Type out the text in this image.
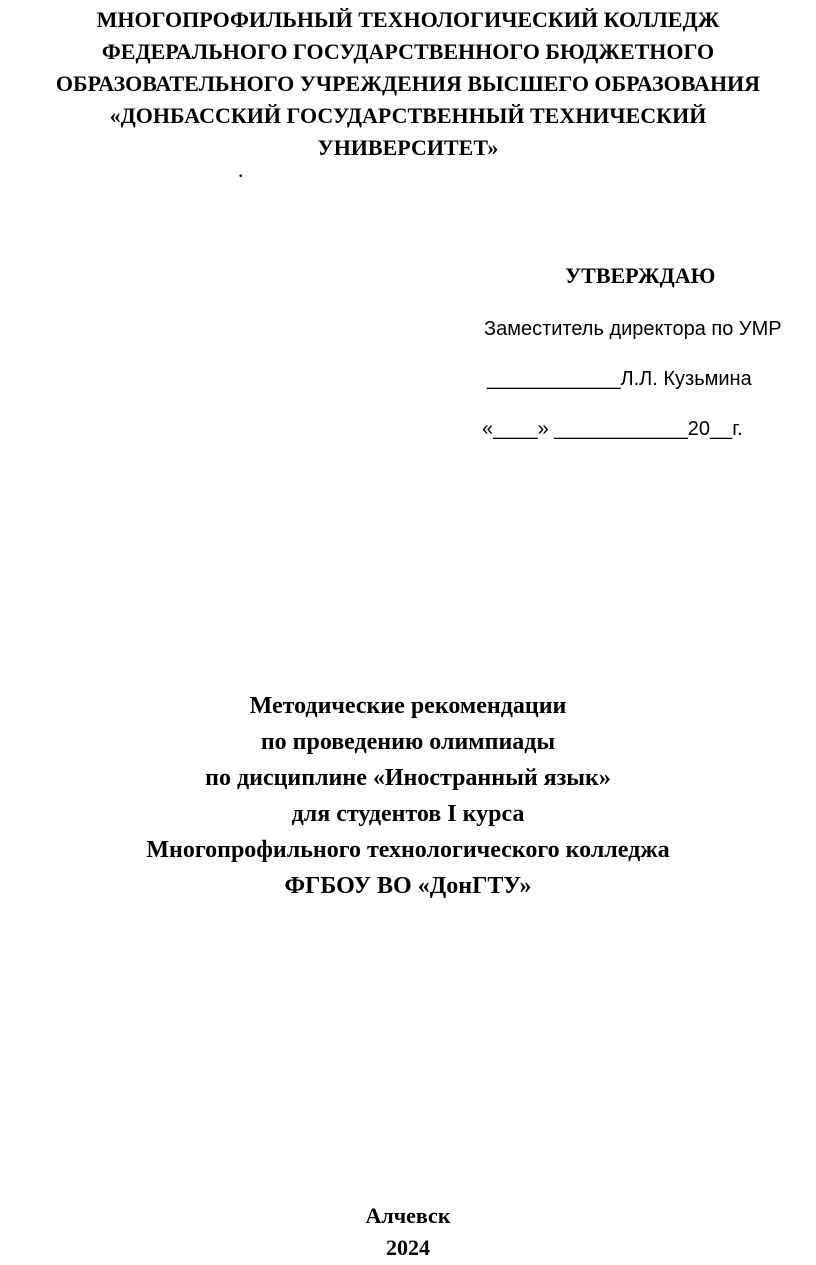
МНОГОПРОФИЛЬНЫЙ ТЕХНОЛОГИЧЕСКИЙ КОЛЛЕДЖ
ФЕДЕРАЛЬНОГО ГОСУДАРСТВЕННОГО БЮДЖЕТНОГО
ОБРАЗОВАТЕЛЬНОГО УЧРЕЖДЕНИЯ ВЫСШЕГО ОБРАЗОВАНИЯ
«ДОНБАССКИЙ ГОСУДАРСТВЕННЫЙ ТЕХНИЧЕСКИЙ
УНИВЕРСИТЕТ»
.
УТВЕРЖДАЮ
Заместитель директора по УМР
____________Л.Л. Кузьмина
«____» ____________20__г.
Методические рекомендации
по проведению олимпиады
по дисциплине «Иностранный язык»
для студентов I курса
Многопрофильного технологического колледжа
ФГБОУ ВО «ДонГТУ»
Алчевск
2024
